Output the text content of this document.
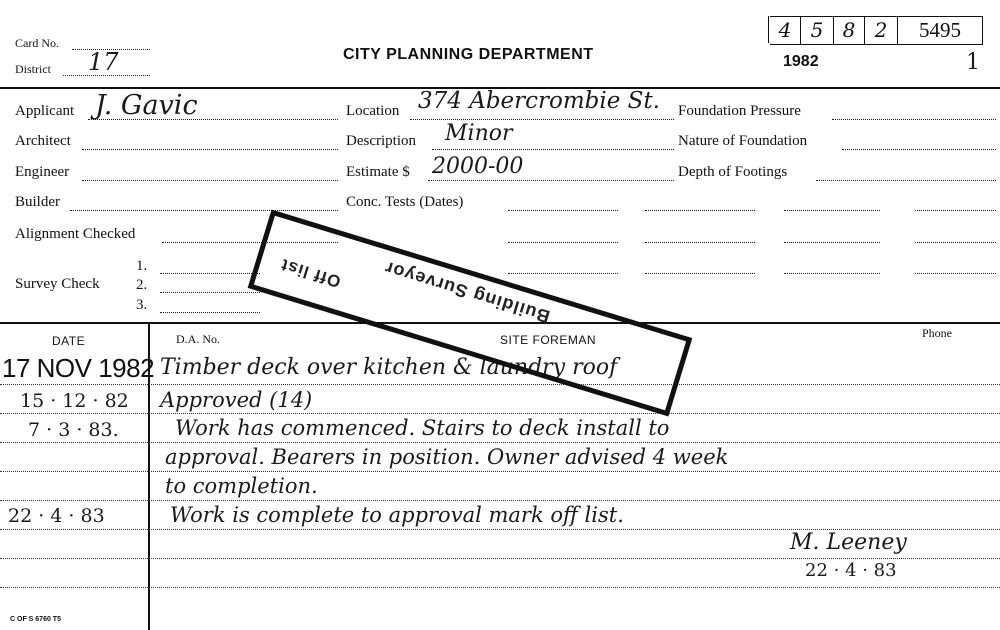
Card No.
District 17	CITY PLANNING DEPARTMENT	1982
4 5 8 2	5495
1
Applicant J. Gavic
Architect
Engineer
Builder
Alignment Checked
Survey Check
1.
2.
3.
Location 374 Abercrombie St.
Description Minor
Estimate $ 2000-00
Conc. Tests (Dates)
Foundation Pressure
Nature of Foundation
Depth of Footings
DATE	D.A. No.	SITE FOREMAN	Phone
17 NOV 1982 Timber deck over kitchen & laundry roof
15 · 12 · 82 Approved (14)
7 · 3 · 83.	Work has commenced. Stairs to deck install to
approval. Bearers in position. Owner advised 4 week
to completion.
22 · 4 · 83	Work is complete to approval mark off list.
M. Leeney
22 · 4 · 83
Building Surveyor
Off list
C OF S 6760 T5
